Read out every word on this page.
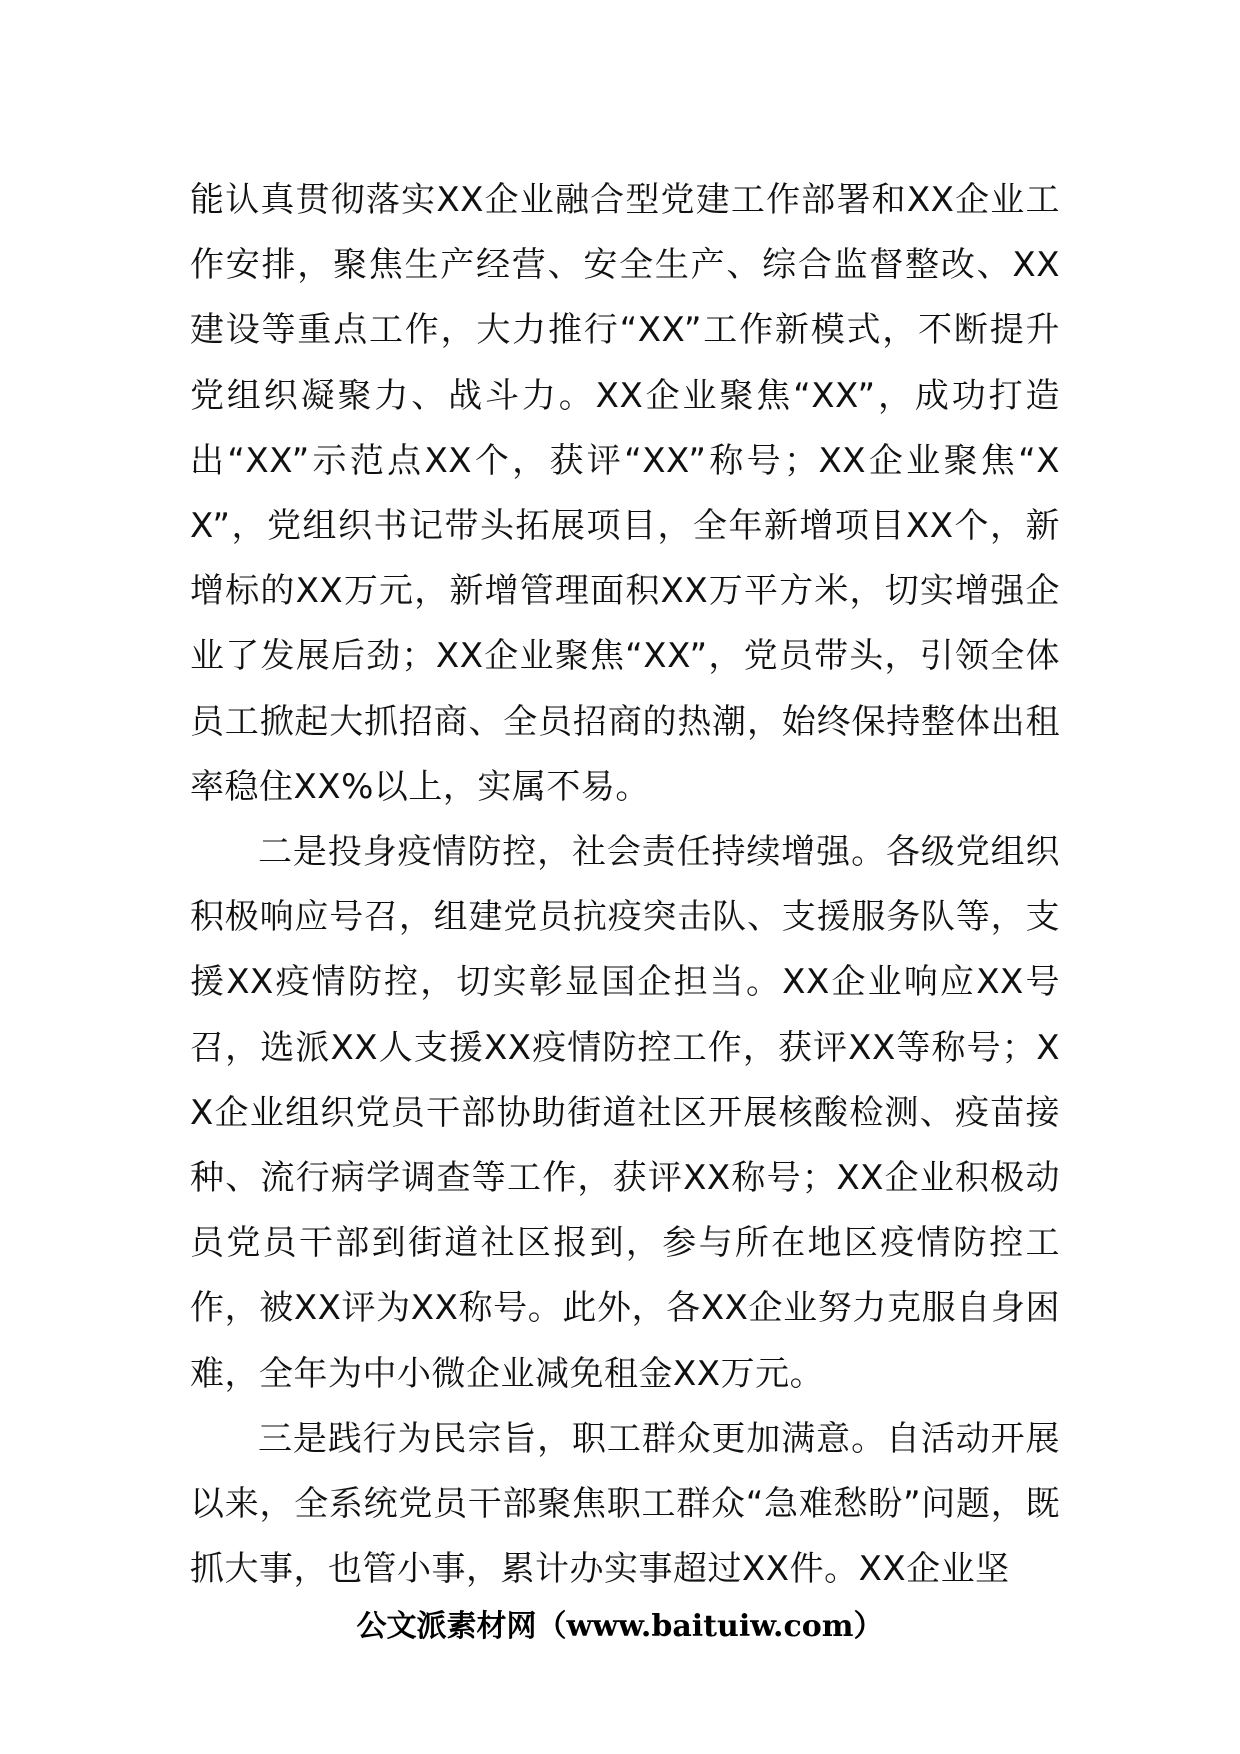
能认真贯彻落实XX企业融合型党建工作部署和XX企业工作安排，聚焦生产经营、安全生产、综合监督整改、XX建设等重点工作，大力推行“XX”工作新模式，不断提升党组织凝聚力、战斗力。XX企业聚焦“XX”，成功打造出“XX”示范点XX个，获评“XX”称号；XX企业聚焦“XX”，党组织书记带头拓展项目，全年新增项目XX个，新增标的XX万元，新增管理面积XX万平方米，切实增强企业了发展后劲；XX企业聚焦“XX”，党员带头，引领全体员工掀起大抓招商、全员招商的热潮，始终保持整体出租率稳住XX%以上，实属不易。

二是投身疫情防控，社会责任持续增强。各级党组织积极响应号召，组建党员抗疫突击队、支援服务队等，支援XX疫情防控，切实彰显国企担当。XX企业响应XX号召，选派XX人支援XX疫情防控工作，获评XX等称号；XX企业组织党员干部协助街道社区开展核酸检测、疫苗接种、流行病学调查等工作，获评XX称号；XX企业积极动员党员干部到街道社区报到，参与所在地区疫情防控工作，被XX评为XX称号。此外，各XX企业努力克服自身困难，全年为中小微企业减免租金XX万元。

三是践行为民宗旨，职工群众更加满意。自活动开展以来，全系统党员干部聚焦职工群众“急难愁盼”问题，既抓大事，也管小事，累计办实事超过XX件。XX企业坚

公文派素材网（www.baituiw.com）
